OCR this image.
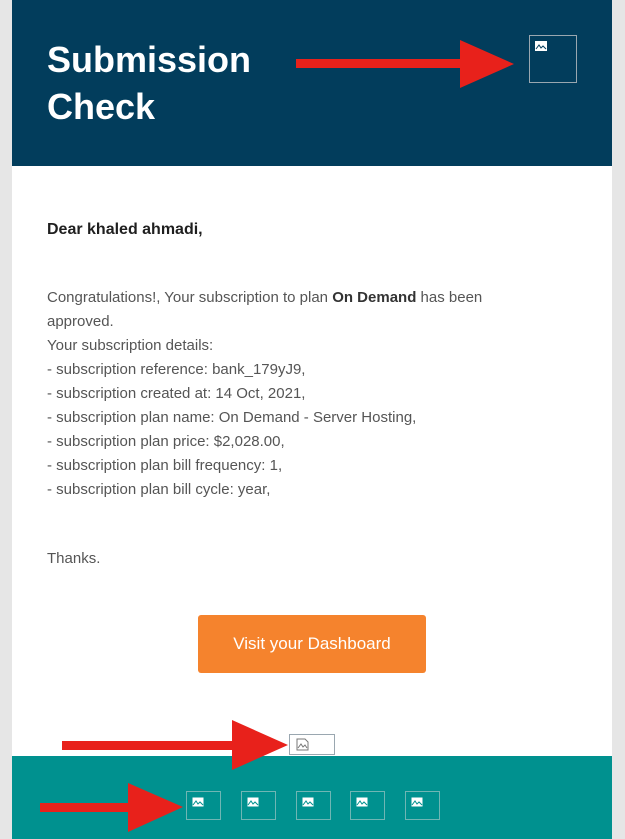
Submission
Check

Dear khaled ahmadi,

Congratulations!, Your subscription to plan On Demand has been approved.

Your subscription details:

- subscription reference: bank_179yJ9,

- subscription created at: 14 Oct, 2021,

- subscription plan name: On Demand - Server Hosting,

- subscription plan price: $2,028.00,

- subscription plan bill frequency: 1,

- subscription plan bill cycle: year,

Thanks.

Visit your Dashboard
